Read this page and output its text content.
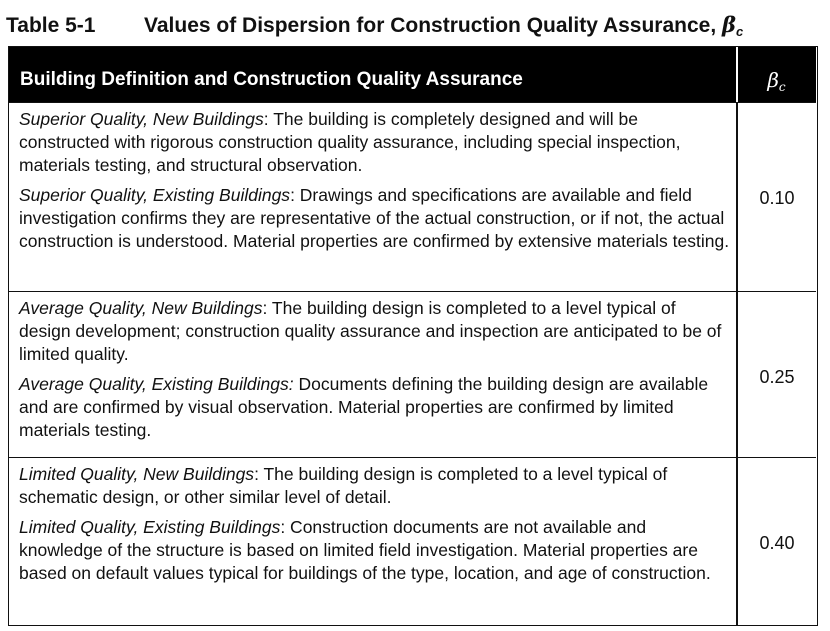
Table 5-1 Values of Dispersion for Construction Quality Assurance, $\beta_c$
Building Definition and Construction Quality Assurance	$\beta_c$

Superior Quality, New Buildings: The building is completely designed and will be constructed with rigorous construction quality assurance, including special inspection, materials testing, and structural observation.

Superior Quality, Existing Buildings: Drawings and specifications are available and field investigation confirms they are representative of the actual construction, or if not, the actual construction is understood. Material properties are confirmed by extensive materials testing.

0.10

Average Quality, New Buildings: The building design is completed to a level typical of design development; construction quality assurance and inspection are anticipated to be of limited quality.

Average Quality, Existing Buildings: Documents defining the building design are available and are confirmed by visual observation. Material properties are confirmed by limited materials testing.

0.25

Limited Quality, New Buildings: The building design is completed to a level typical of schematic design, or other similar level of detail.

Limited Quality, Existing Buildings: Construction documents are not available and knowledge of the structure is based on limited field investigation. Material properties are based on default values typical for buildings of the type, location, and age of construction.

0.40
